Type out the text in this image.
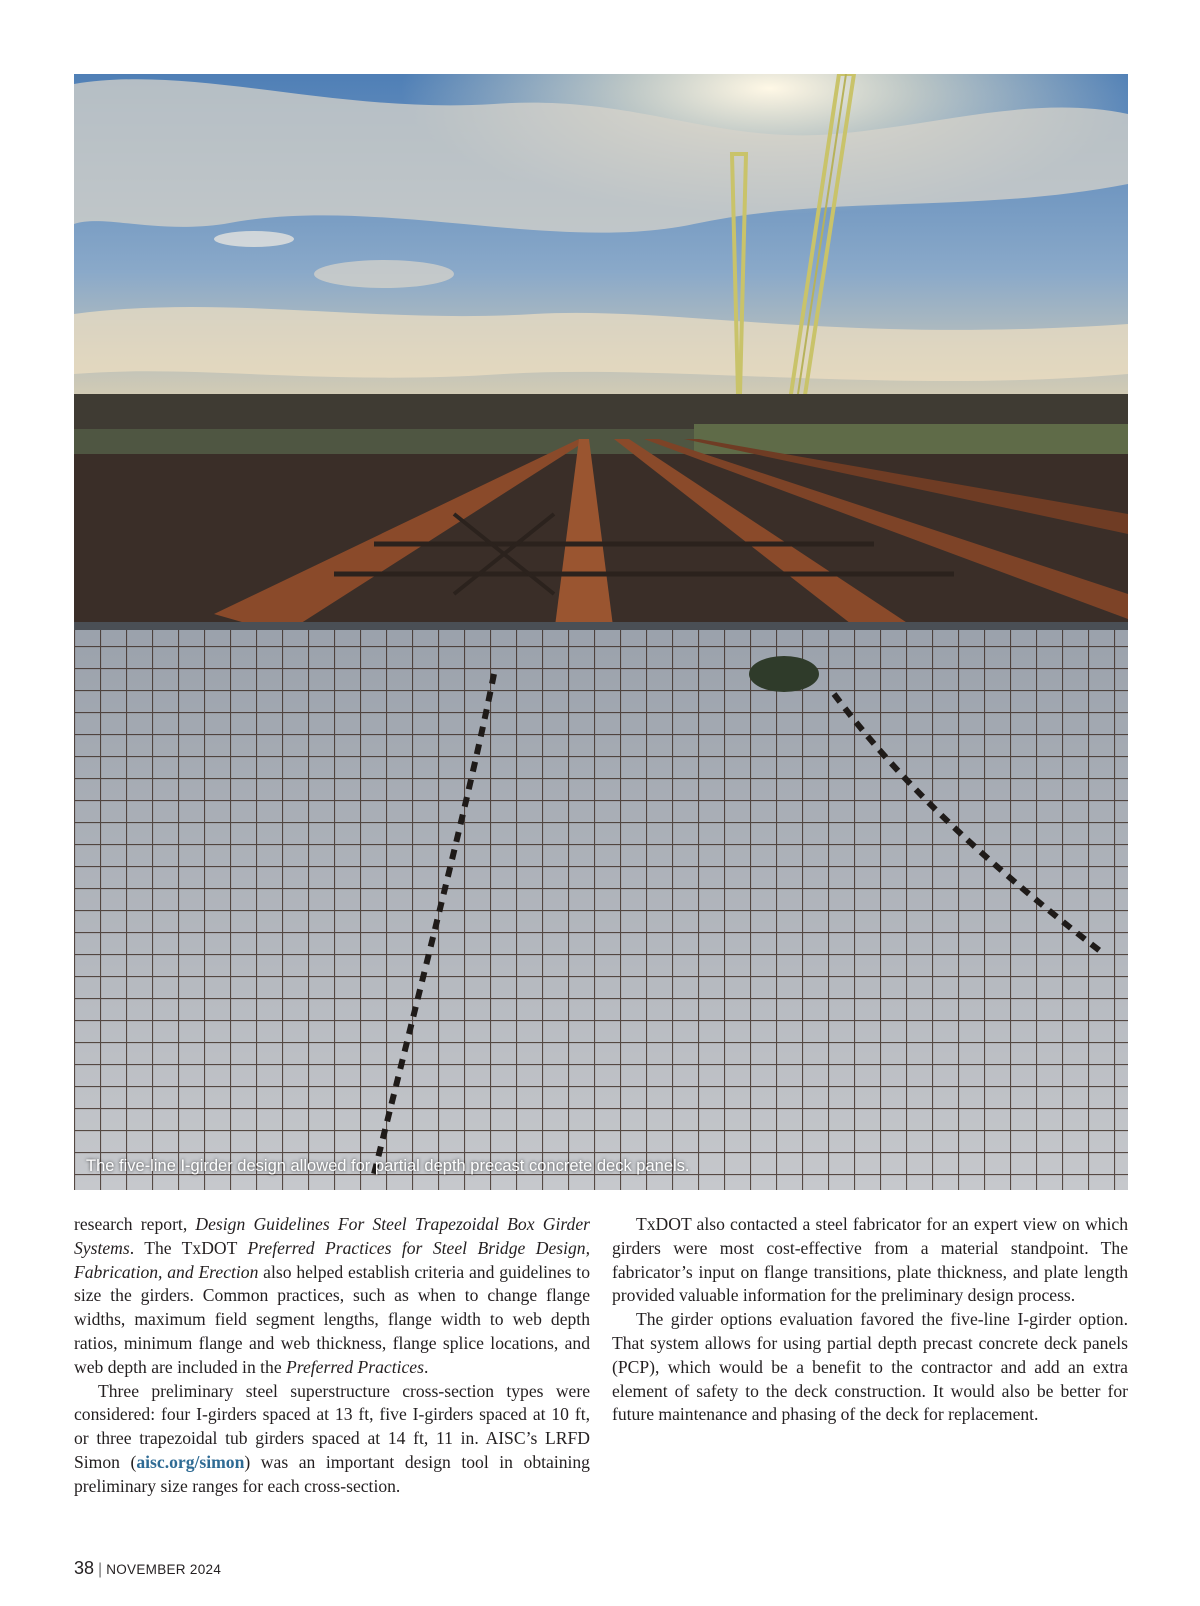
The five-line I-girder design allowed for partial depth precast concrete deck panels.

research report, Design Guidelines For Steel Trapezoidal Box Girder Systems. The TxDOT Preferred Practices for Steel Bridge Design, Fabrication, and Erection also helped establish criteria and guidelines to size the girders. Common practices, such as when to change flange widths, maximum field segment lengths, flange width to web depth ratios, minimum flange and web thickness, flange splice locations, and web depth are included in the Preferred Practices.

Three preliminary steel superstructure cross-section types were considered: four I-girders spaced at 13 ft, five I-girders spaced at 10 ft, or three trapezoidal tub girders spaced at 14 ft, 11 in. AISC’s LRFD Simon (aisc.org/simon) was an important design tool in obtaining preliminary size ranges for each cross-section.

TxDOT also contacted a steel fabricator for an expert view on which girders were most cost-effective from a material standpoint. The fabricator’s input on flange transitions, plate thickness, and plate length provided valuable information for the preliminary design process.

The girder options evaluation favored the five-line I-girder option. That system allows for using partial depth precast concrete deck panels (PCP), which would be a benefit to the contractor and add an extra element of safety to the deck construction. It would also be better for future maintenance and phasing of the deck for replacement.

38 | NOVEMBER 2024
